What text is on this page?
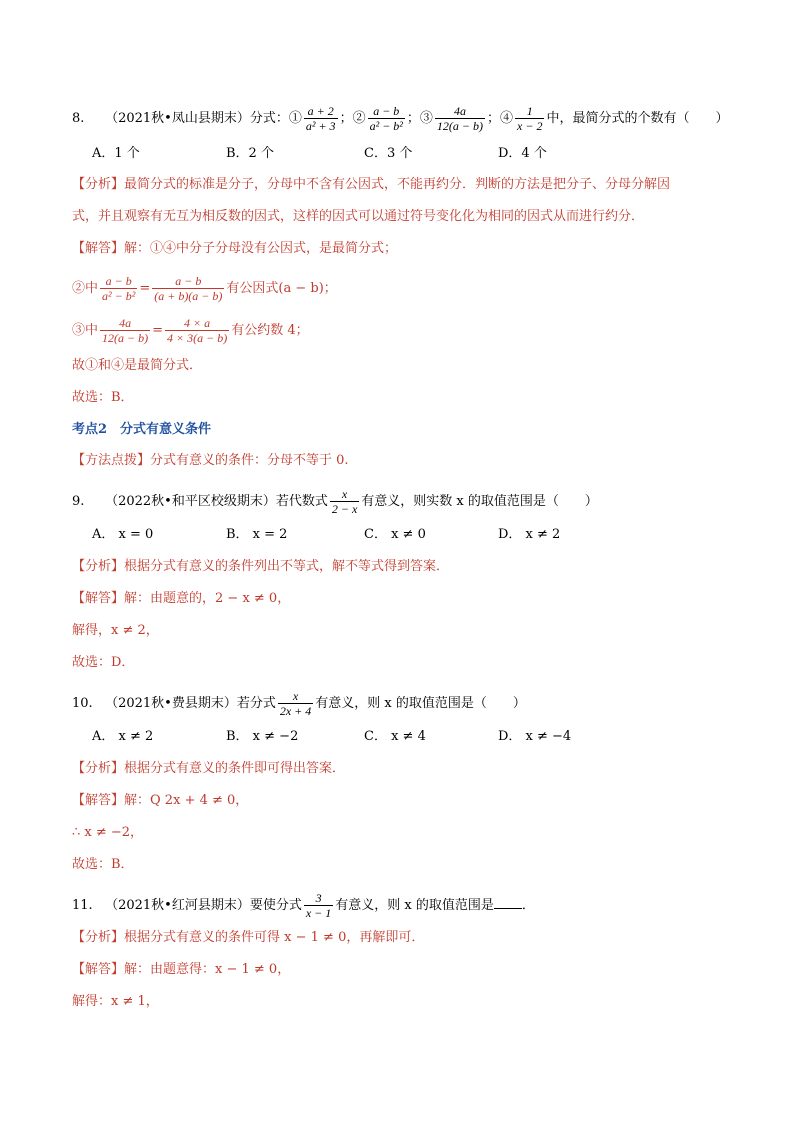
8. （2021秋•凤山县期末）分式：① $\frac{a + 2}{\text{a² + 3}}$ ；② $\frac{a - b}{\text{a² − b²}}$ ；③ $\frac{4a}{12(a - b)}$ ；④ $\frac{1}{x - 2}$ 中，最简分式的个数有（　　）
A．1 个	B．2 个	C．3 个	D．4 个
【分析】最简分式的标准是分子，分母中不含有公因式，不能再约分．判断的方法是把分子、分母分解因
式，并且观察有无互为相反数的因式，这样的因式可以通过符号变化化为相同的因式从而进行约分．
【解答】解：①④中分子分母没有公因式，是最简分式；
②中 $\frac{a - b}{\text{a² − b²}} = \frac{a - b}{(a + b)(a - b)}$ 有公因式(a − b)；
③中 $\frac{4a}{12(a - b)} = \frac{4 \times a}{4 \times 3(a - b)}$ 有公约数 4；
故①和④是最简分式．
故选：B．
考点2　分式有意义条件
【方法点拨】分式有意义的条件：分母不等于 0.
9. （2022秋•和平区校级期末）若代数式 $\frac{x}{2 - x}$ 有意义，则实数 x 的取值范围是（　　）
A． x = 0	B． x = 2	C． x ≠ 0	D． x ≠ 2
【分析】根据分式有意义的条件列出不等式，解不等式得到答案．
【解答】解：由题意的，2 − x ≠ 0，
解得，x ≠ 2，
故选：D．
10. （2021秋•费县期末）若分式 $\frac{x}{2x + 4}$ 有意义，则 x 的取值范围是（　　）
A． x ≠ 2	B． x ≠ −2	C． x ≠ 4	D． x ≠ −4
【分析】根据分式有意义的条件即可得出答案．
【解答】解：Q 2x + 4 ≠ 0，
∴ x ≠ −2，
故选：B．
11. （2021秋•红河县期末）要使分式 $\frac{3}{x - 1}$ 有意义，则 x 的取值范围是 ．
【分析】根据分式有意义的条件可得 x − 1 ≠ 0，再解即可．
【解答】解：由题意得：x − 1 ≠ 0，
解得：x ≠ 1，
